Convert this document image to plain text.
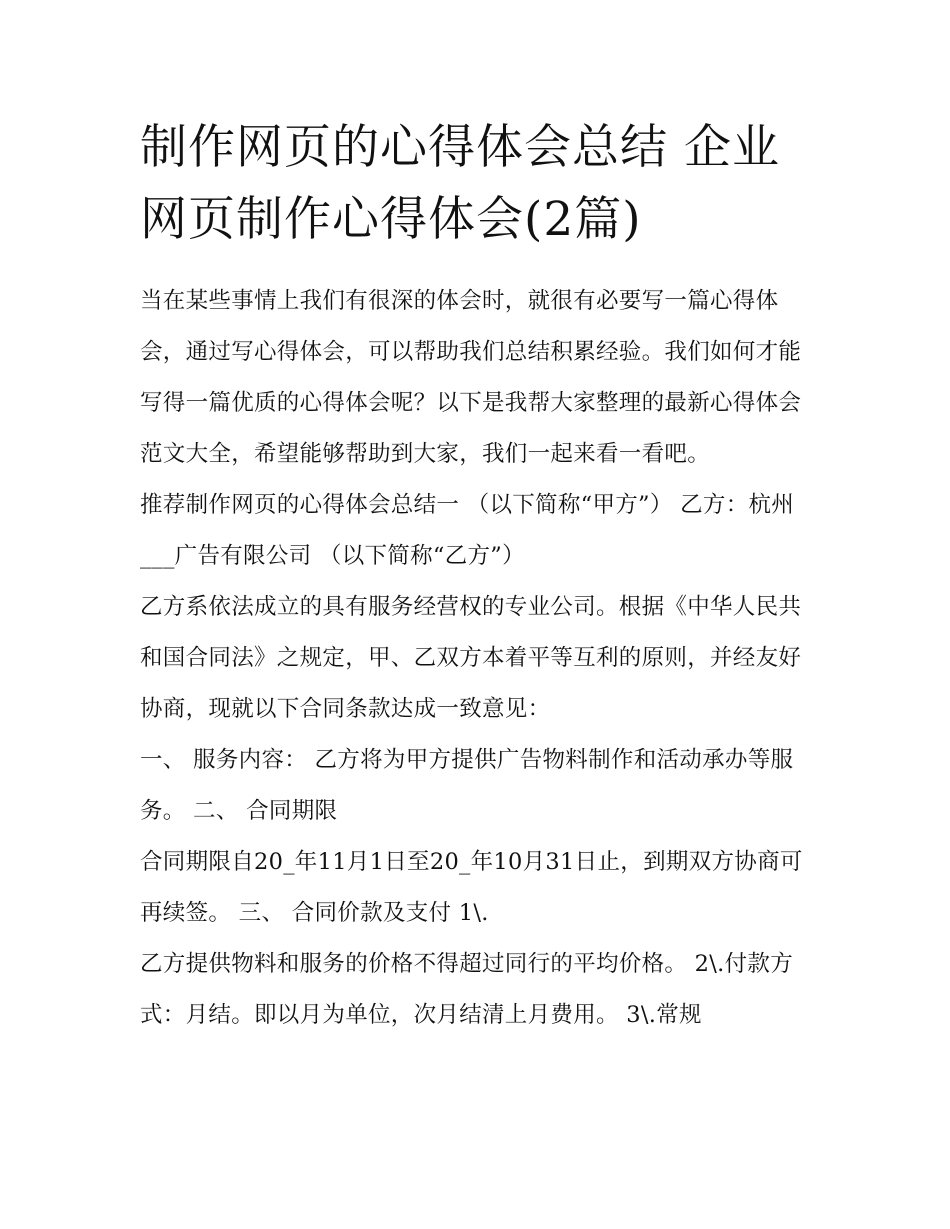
制作网页的心得体会总结 企业网页制作心得体会(2篇)

当在某些事情上我们有很深的体会时，就很有必要写一篇心得体会，通过写心得体会，可以帮助我们总结积累经验。我们如何才能写得一篇优质的心得体会呢？以下是我帮大家整理的最新心得体会范文大全，希望能够帮助到大家，我们一起来看一看吧。

推荐制作网页的心得体会总结一 （以下简称“甲方”） 乙方：杭州___广告有限公司 （以下简称“乙方”）

乙方系依法成立的具有服务经营权的专业公司。根据《中华人民共和国合同法》之规定，甲、乙双方本着平等互利的原则，并经友好协商，现就以下合同条款达成一致意见：

一、 服务内容： 乙方将为甲方提供广告物料制作和活动承办等服务。 二、 合同期限

合同期限自20_年11月1日至20_年10月31日止，到期双方协商可再续签。 三、 合同价款及支付 1\.

乙方提供物料和服务的价格不得超过同行的平均价格。 2\.付款方式：月结。即以月为单位，次月结清上月费用。 3\.常规
